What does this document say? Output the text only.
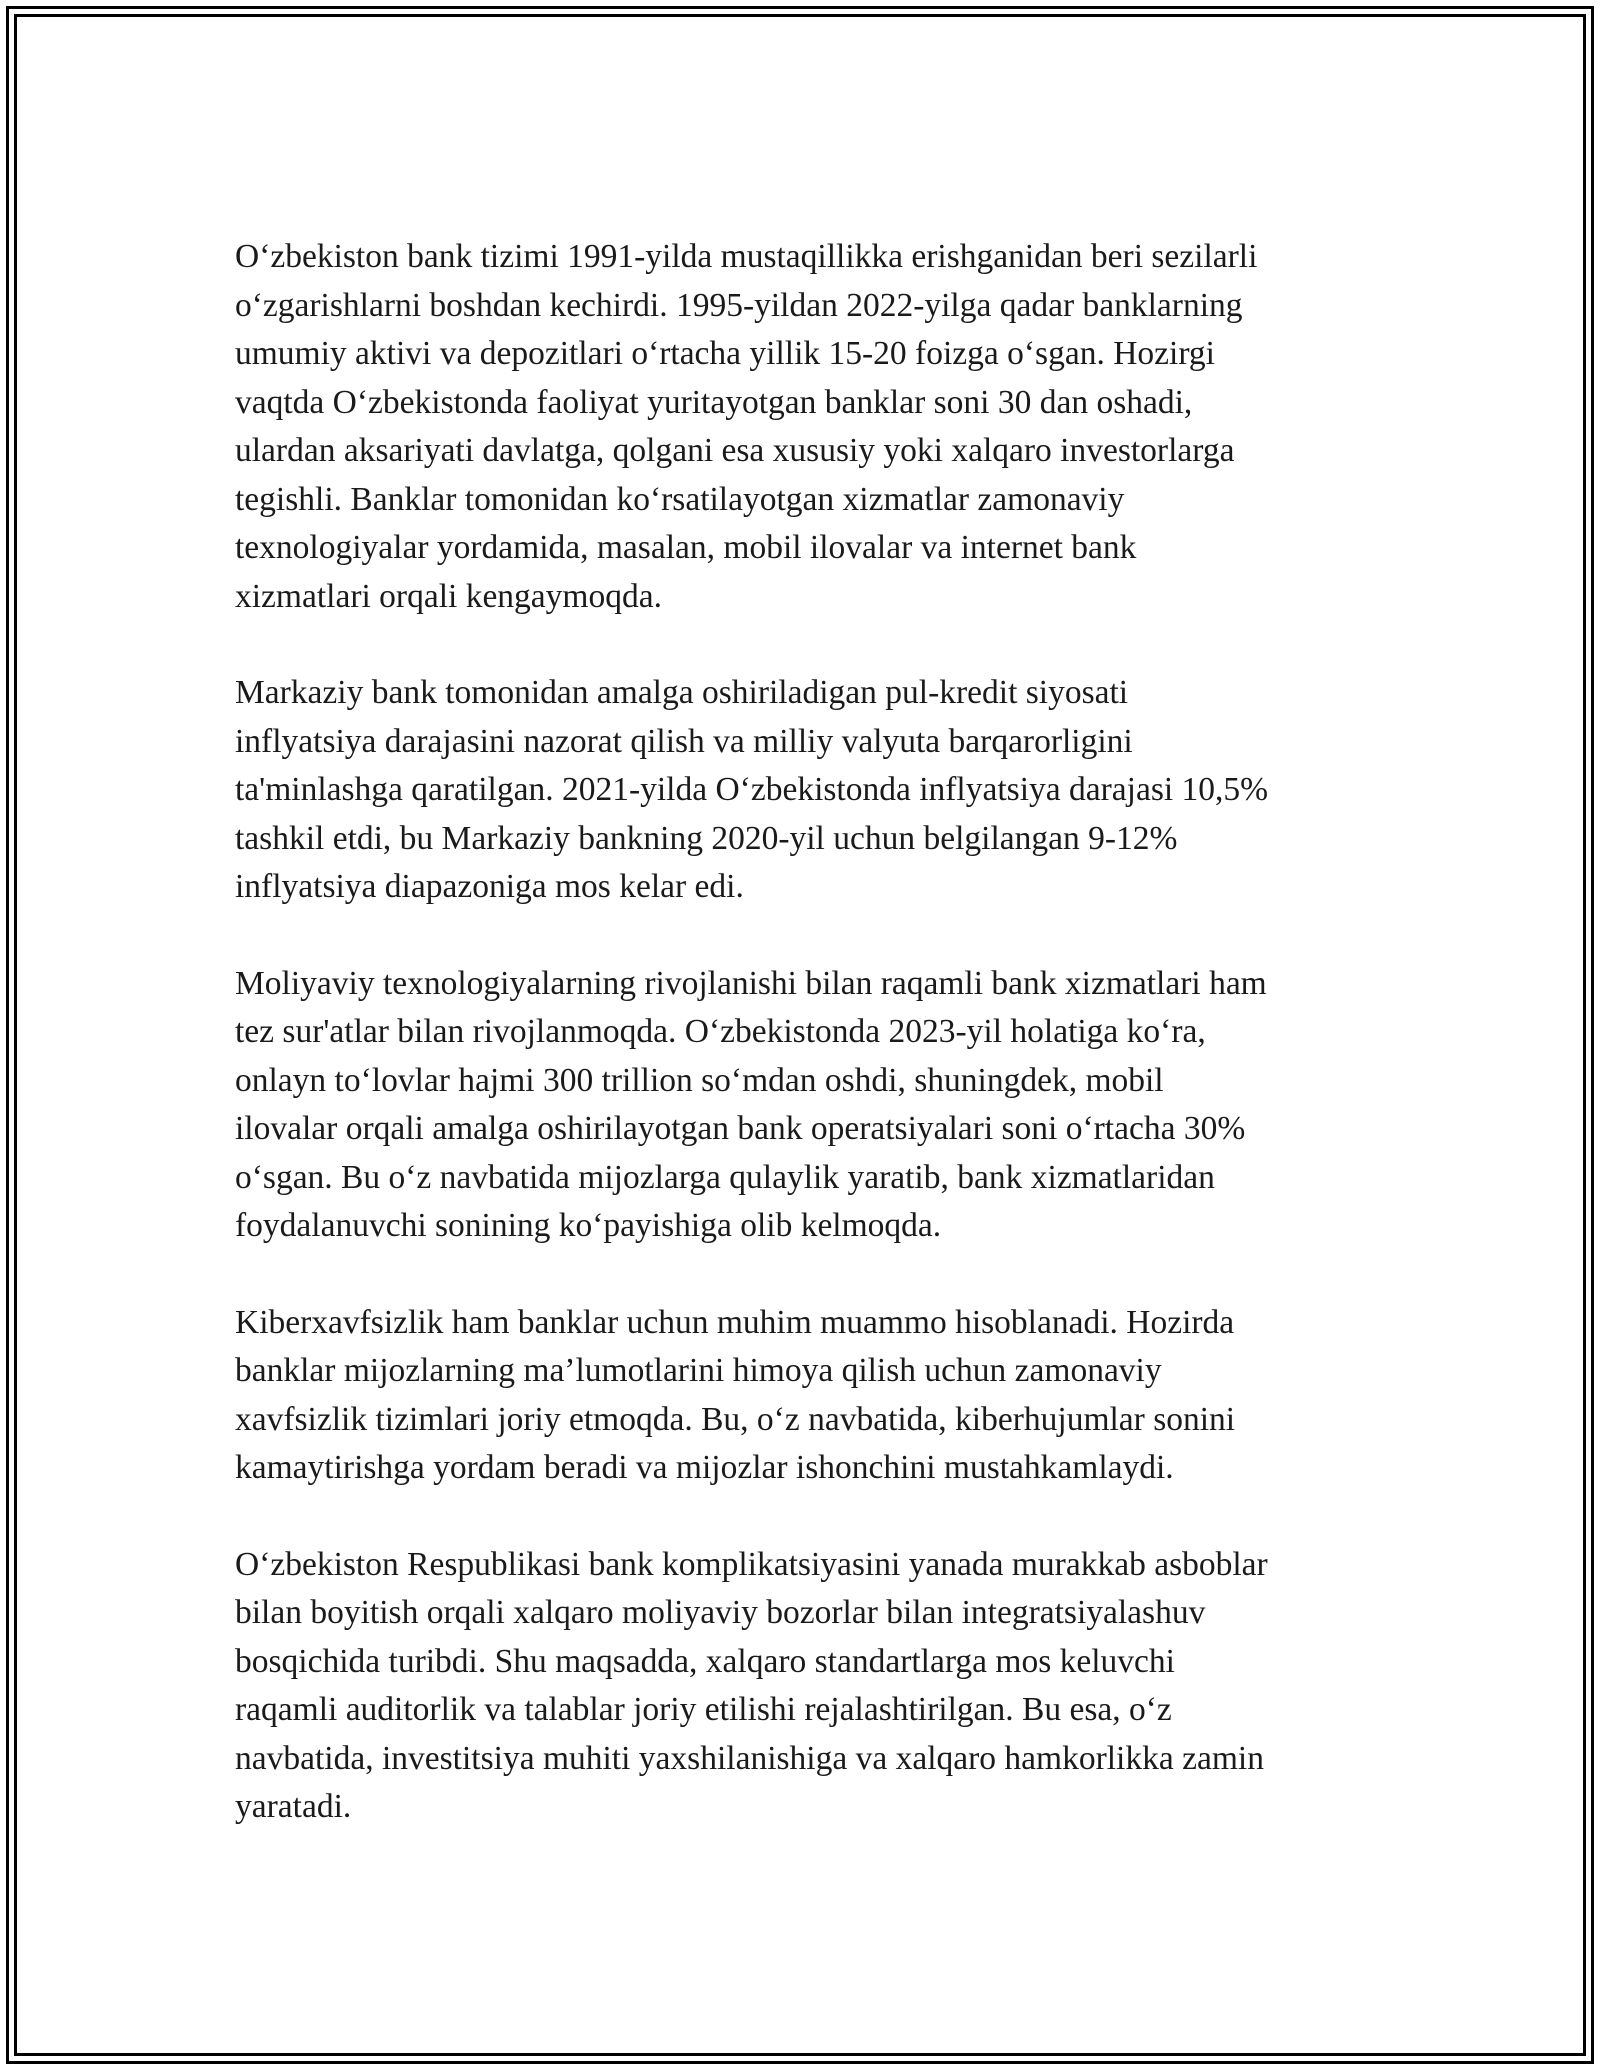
O‘zbekiston bank tizimi 1991-yilda mustaqillikka erishganidan beri sezilarli
o‘zgarishlarni boshdan kechirdi. 1995-yildan 2022-yilga qadar banklarning
umumiy aktivi va depozitlari o‘rtacha yillik 15-20 foizga o‘sgan. Hozirgi
vaqtda O‘zbekistonda faoliyat yuritayotgan banklar soni 30 dan oshadi,
ulardan aksariyati davlatga, qolgani esa xususiy yoki xalqaro investorlarga
tegishli. Banklar tomonidan ko‘rsatilayotgan xizmatlar zamonaviy
texnologiyalar yordamida, masalan, mobil ilovalar va internet bank
xizmatlari orqali kengaymoqda.

Markaziy bank tomonidan amalga oshiriladigan pul-kredit siyosati
inflyatsiya darajasini nazorat qilish va milliy valyuta barqarorligini
ta'minlashga qaratilgan. 2021-yilda O‘zbekistonda inflyatsiya darajasi 10,5%
tashkil etdi, bu Markaziy bankning 2020-yil uchun belgilangan 9-12%
inflyatsiya diapazoniga mos kelar edi.

Moliyaviy texnologiyalarning rivojlanishi bilan raqamli bank xizmatlari ham
tez sur'atlar bilan rivojlanmoqda. O‘zbekistonda 2023-yil holatiga ko‘ra,
onlayn to‘lovlar hajmi 300 trillion so‘mdan oshdi, shuningdek, mobil
ilovalar orqali amalga oshirilayotgan bank operatsiyalari soni o‘rtacha 30%
o‘sgan. Bu o‘z navbatida mijozlarga qulaylik yaratib, bank xizmatlaridan
foydalanuvchi sonining ko‘payishiga olib kelmoqda.

Kiberxavfsizlik ham banklar uchun muhim muammo hisoblanadi. Hozirda
banklar mijozlarning ma’lumotlarini himoya qilish uchun zamonaviy
xavfsizlik tizimlari joriy etmoqda. Bu, o‘z navbatida, kiberhujumlar sonini
kamaytirishga yordam beradi va mijozlar ishonchini mustahkamlaydi.

O‘zbekiston Respublikasi bank komplikatsiyasini yanada murakkab asboblar
bilan boyitish orqali xalqaro moliyaviy bozorlar bilan integratsiyalashuv
bosqichida turibdi. Shu maqsadda, xalqaro standartlarga mos keluvchi
raqamli auditorlik va talablar joriy etilishi rejalashtirilgan. Bu esa, o‘z
navbatida, investitsiya muhiti yaxshilanishiga va xalqaro hamkorlikka zamin
yaratadi.
